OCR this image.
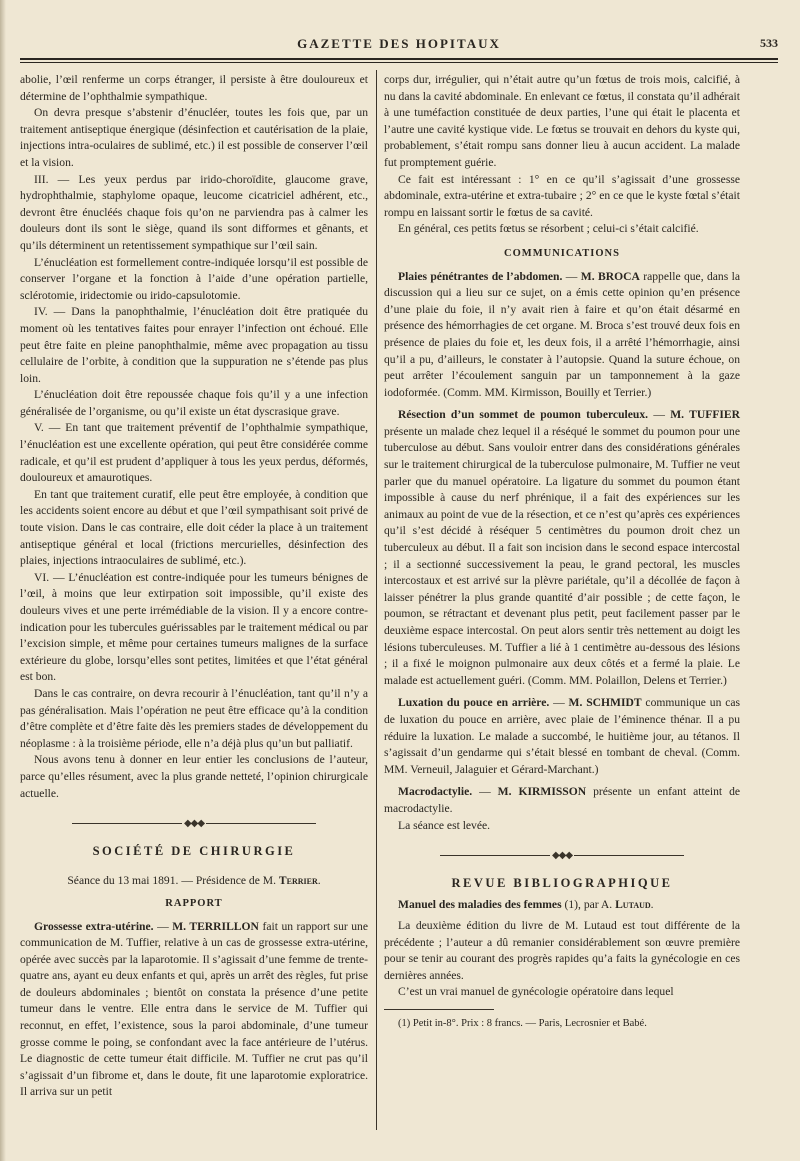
GAZETTE DES HOPITAUX	533

abolie, l’œil renferme un corps étranger, il persiste à être douloureux et détermine de l’ophthalmie sympathique.

On devra presque s’abstenir d’énucléer, toutes les fois que, par un traitement antiseptique énergique (désinfection et cautérisation de la plaie, injections intra-oculaires de sublimé, etc.) il est possible de conserver l’œil et la vision.

III. — Les yeux perdus par irido-choroïdite, glaucome grave, hydrophthalmie, staphylome opaque, leucome cicatriciel adhérent, etc., devront être énucléés chaque fois qu’on ne parviendra pas à calmer les douleurs dont ils sont le siège, quand ils sont difformes et gênants, et qu’ils déterminent un retentissement sympathique sur l’œil sain.

L’énucléation est formellement contre-indiquée lorsqu’il est possible de conserver l’organe et la fonction à l’aide d’une opération partielle, sclérotomie, iridectomie ou irido-capsulotomie.

IV. — Dans la panophthalmie, l’énucléation doit être pratiquée du moment où les tentatives faites pour enrayer l’infection ont échoué. Elle peut être faite en pleine panophthalmie, même avec propagation au tissu cellulaire de l’orbite, à condition que la suppuration ne s’étende pas plus loin.

L’énucléation doit être repoussée chaque fois qu’il y a une infection généralisée de l’organisme, ou qu’il existe un état dyscrasique grave.

V. — En tant que traitement préventif de l’ophthalmie sympathique, l’énucléation est une excellente opération, qui peut être considérée comme radicale, et qu’il est prudent d’appliquer à tous les yeux perdus, déformés, douloureux et amaurotiques.

En tant que traitement curatif, elle peut être employée, à condition que les accidents soient encore au début et que l’œil sympathisant soit privé de toute vision. Dans le cas contraire, elle doit céder la place à un traitement antiseptique général et local (frictions mercurielles, désinfection des plaies, injections intraoculaires de sublimé, etc.).

VI. — L’énucléation est contre-indiquée pour les tumeurs bénignes de l’œil, à moins que leur extirpation soit impossible, qu’il existe des douleurs vives et une perte irrémédiable de la vision. Il y a encore contre-indication pour les tubercules guérissables par le traitement médical ou par l’excision simple, et même pour certaines tumeurs malignes de la surface extérieure du globe, lorsqu’elles sont petites, limitées et que l’état général est bon.

Dans le cas contraire, on devra recourir à l’énucléation, tant qu’il n’y a pas généralisation. Mais l’opération ne peut être efficace qu’à la condition d’être complète et d’être faite dès les premiers stades de développement du néoplasme : à la troisième période, elle n’a déjà plus qu’un but palliatif.

Nous avons tenu à donner en leur entier les conclusions de l’auteur, parce qu’elles résument, avec la plus grande netteté, l’opinion chirurgicale actuelle.

◆◆◆
SOCIÉTÉ DE CHIRURGIE
Séance du 13 mai 1891. — Présidence de M. Terrier.
RAPPORT

Grossesse extra-utérine. — M. TERRILLON fait un rapport sur une communication de M. Tuffier, relative à un cas de grossesse extra-utérine, opérée avec succès par la laparotomie. Il s’agissait d’une femme de trente-quatre ans, ayant eu deux enfants et qui, après un arrêt des règles, fut prise de douleurs abdominales ; bientôt on constata la présence d’une petite tumeur dans le ventre. Elle entra dans le service de M. Tuffier qui reconnut, en effet, l’existence, sous la paroi abdominale, d’une tumeur grosse comme le poing, se confondant avec la face antérieure de l’utérus. Le diagnostic de cette tumeur était difficile. M. Tuffier ne crut pas qu’il s’agissait d’un fibrome et, dans le doute, fit une laparotomie exploratrice. Il arriva sur un petit

corps dur, irrégulier, qui n’était autre qu’un fœtus de trois mois, calcifié, à nu dans la cavité abdominale. En enlevant ce fœtus, il constata qu’il adhérait à une tuméfaction constituée de deux parties, l’une qui était le placenta et l’autre une cavité kystique vide. Le fœtus se trouvait en dehors du kyste qui, probablement, s’était rompu sans donner lieu à aucun accident. La malade fut promptement guérie.

Ce fait est intéressant : 1° en ce qu’il s’agissait d’une grossesse abdominale, extra-utérine et extra-tubaire ; 2° en ce que le kyste fœtal s’était rompu en laissant sortir le fœtus de sa cavité.

En général, ces petits fœtus se résorbent ; celui-ci s’était calcifié.

COMMUNICATIONS

Plaies pénétrantes de l’abdomen. — M. BROCA rappelle que, dans la discussion qui a lieu sur ce sujet, on a émis cette opinion qu’en présence d’une plaie du foie, il n’y avait rien à faire et qu’on était désarmé en présence des hémorrhagies de cet organe. M. Broca s’est trouvé deux fois en présence de plaies du foie et, les deux fois, il a arrêté l’hémorrhagie, ainsi qu’il a pu, d’ailleurs, le constater à l’autopsie. Quand la suture échoue, on peut arrêter l’écoulement sanguin par un tamponnement à la gaze iodoformée. (Comm. MM. Kirmisson, Bouilly et Terrier.)

Résection d’un sommet de poumon tuberculeux. — M. TUFFIER présente un malade chez lequel il a réséqué le sommet du poumon pour une tuberculose au début. Sans vouloir entrer dans des considérations générales sur le traitement chirurgical de la tuberculose pulmonaire, M. Tuffier ne veut parler que du manuel opératoire. La ligature du sommet du poumon étant impossible à cause du nerf phrénique, il a fait des expériences sur les animaux au point de vue de la résection, et ce n’est qu’après ces expériences qu’il s’est décidé à réséquer 5 centimètres du poumon droit chez un tuberculeux au début. Il a fait son incision dans le second espace intercostal ; il a sectionné successivement la peau, le grand pectoral, les muscles intercostaux et est arrivé sur la plèvre pariétale, qu’il a décollée de façon à laisser pénétrer la plus grande quantité d’air possible ; de cette façon, le poumon, se rétractant et devenant plus petit, peut facilement passer par le deuxième espace intercostal. On peut alors sentir très nettement au doigt les lésions tuberculeuses. M. Tuffier a lié à 1 centimètre au-dessous des lésions ; il a fixé le moignon pulmonaire aux deux côtés et a fermé la plaie. Le malade est actuellement guéri. (Comm. MM. Polaillon, Delens et Terrier.)

Luxation du pouce en arrière. — M. SCHMIDT communique un cas de luxation du pouce en arrière, avec plaie de l’éminence thénar. Il a pu réduire la luxation. Le malade a succombé, le huitième jour, au tétanos. Il s’agissait d’un gendarme qui s’était blessé en tombant de cheval. (Comm. MM. Verneuil, Jalaguier et Gérard-Marchant.)

Macrodactylie. — M. KIRMISSON présente un enfant atteint de macrodactylie.

La séance est levée.

◆◆◆
REVUE BIBLIOGRAPHIQUE

Manuel des maladies des femmes (1), par A. Lutaud.

La deuxième édition du livre de M. Lutaud est tout différente de la précédente ; l’auteur a dû remanier considérablement son œuvre première pour se tenir au courant des progrès rapides qu’a faits la gynécologie en ces dernières années.

C’est un vrai manuel de gynécologie opératoire dans lequel

(1) Petit in-8°. Prix : 8 francs. — Paris, Lecrosnier et Babé.
